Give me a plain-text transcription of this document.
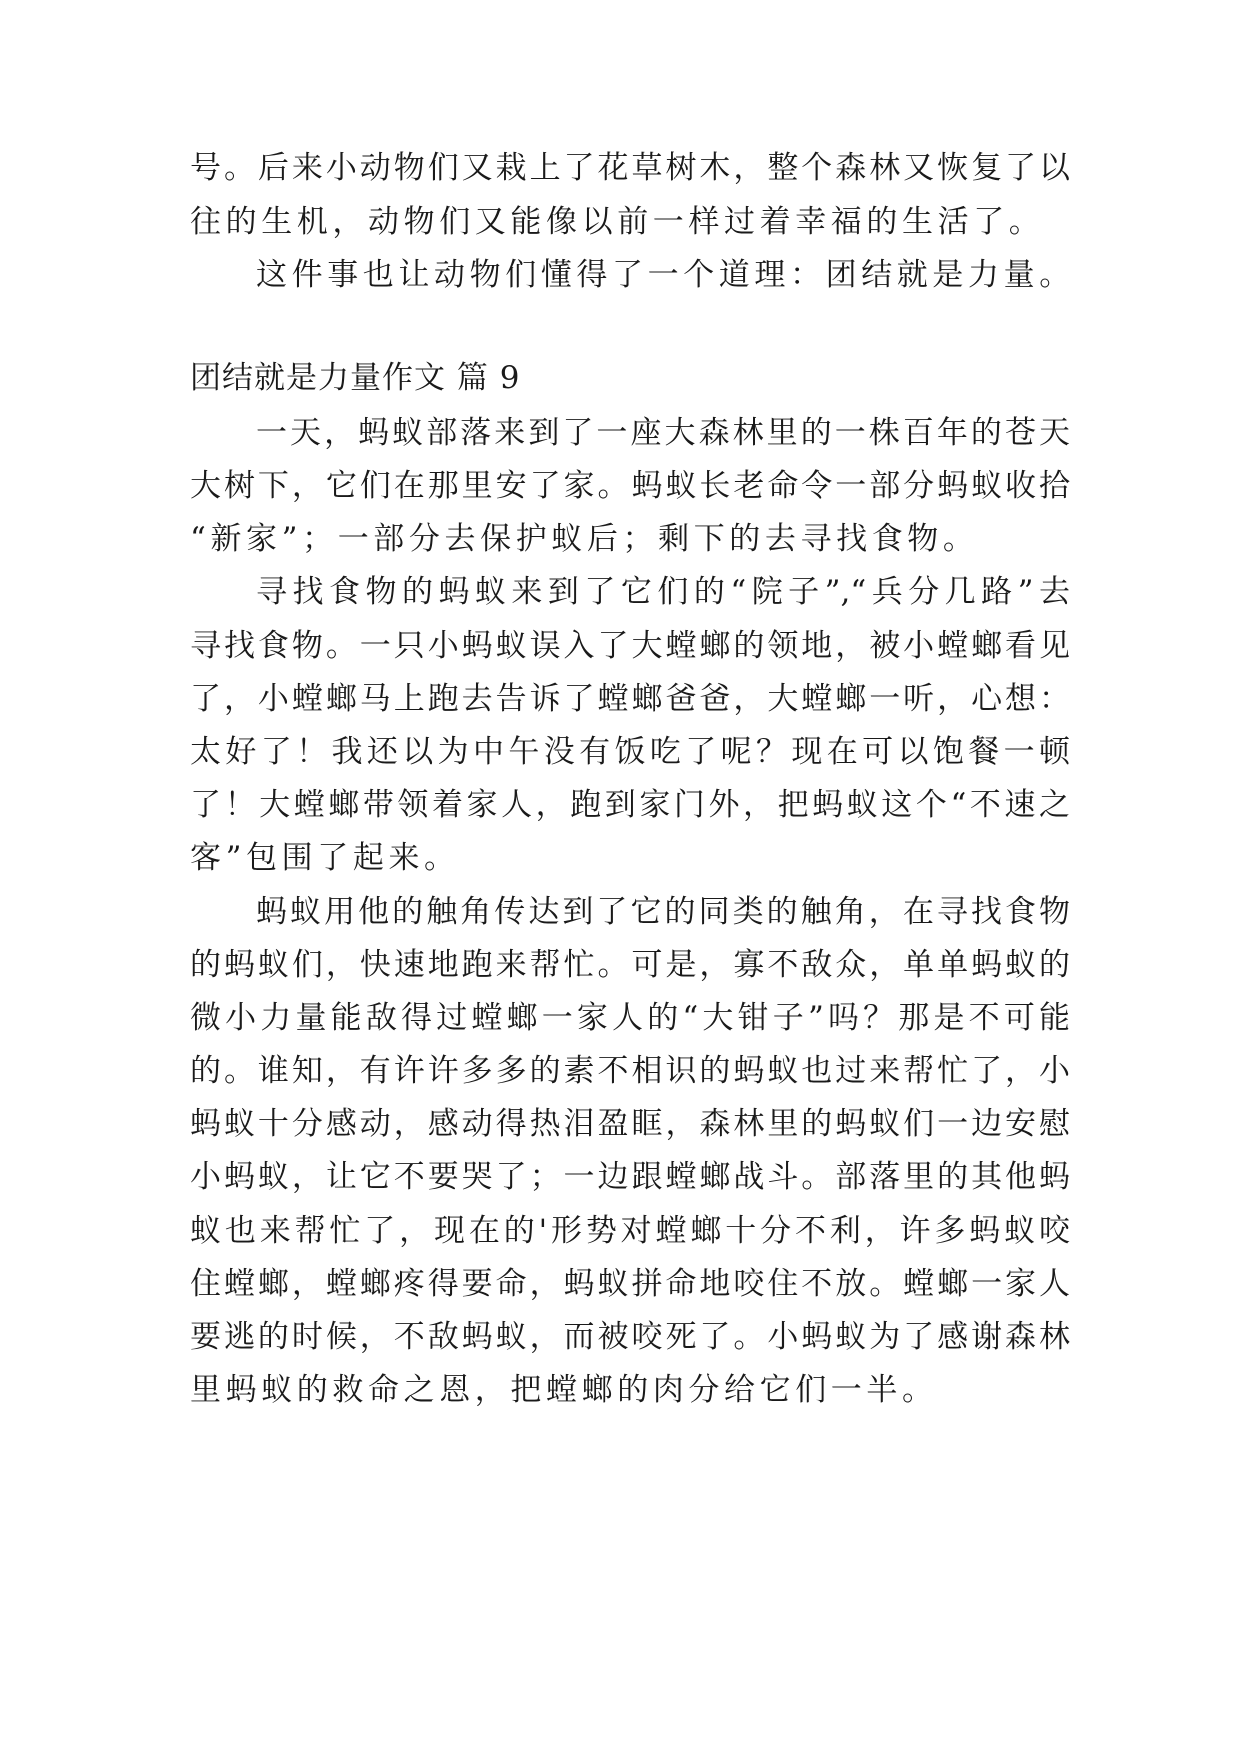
号。后来小动物们又栽上了花草树木，整个森林又恢复了以
往的生机，动物们又能像以前一样过着幸福的生活了。
这件事也让动物们懂得了一个道理：团结就是力量。
团结就是力量作文 篇 9
一天，蚂蚁部落来到了一座大森林里的一株百年的苍天
大树下，它们在那里安了家。蚂蚁长老命令一部分蚂蚁收拾
“新家”；一部分去保护蚁后；剩下的去寻找食物。
寻找食物的蚂蚁来到了它们的“院子”,“兵分几路”去
寻找食物。一只小蚂蚁误入了大螳螂的领地，被小螳螂看见
了，小螳螂马上跑去告诉了螳螂爸爸，大螳螂一听，心想：
太好了！我还以为中午没有饭吃了呢？现在可以饱餐一顿
了！大螳螂带领着家人，跑到家门外，把蚂蚁这个“不速之
客”包围了起来。
蚂蚁用他的触角传达到了它的同类的触角，在寻找食物
的蚂蚁们，快速地跑来帮忙。可是，寡不敌众，单单蚂蚁的
微小力量能敌得过螳螂一家人的“大钳子”吗？那是不可能
的。谁知，有许许多多的素不相识的蚂蚁也过来帮忙了，小
蚂蚁十分感动，感动得热泪盈眶，森林里的蚂蚁们一边安慰
小蚂蚁，让它不要哭了；一边跟螳螂战斗。部落里的其他蚂
蚁也来帮忙了，现在的'形势对螳螂十分不利，许多蚂蚁咬
住螳螂，螳螂疼得要命，蚂蚁拼命地咬住不放。螳螂一家人
要逃的时候，不敌蚂蚁，而被咬死了。小蚂蚁为了感谢森林
里蚂蚁的救命之恩，把螳螂的肉分给它们一半。
